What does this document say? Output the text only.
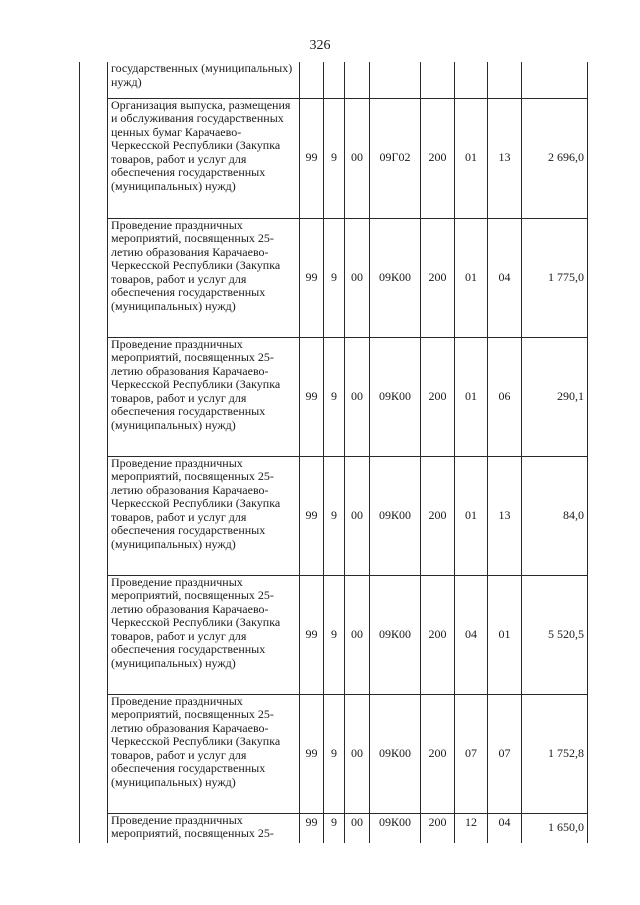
326
	государственных (муниципальных) нужд)								
	Организация выпуска, размещения и обслуживания государственных ценных бумаг Карачаево-Черкесской Республики (Закупка товаров, работ и услуг для обеспечения государственных (муниципальных) нужд)	99	9	00	09Г02	200	01	13	2 696,0
	Проведение праздничных мероприятий, посвященных 25-летию образования Карачаево-Черкесской Республики (Закупка товаров, работ и услуг для обеспечения государственных (муниципальных) нужд)	99	9	00	09К00	200	01	04	1 775,0
	Проведение праздничных мероприятий, посвященных 25-летию образования Карачаево-Черкесской Республики (Закупка товаров, работ и услуг для обеспечения государственных (муниципальных) нужд)	99	9	00	09К00	200	01	06	290,1
	Проведение праздничных мероприятий, посвященных 25-летию образования Карачаево-Черкесской Республики (Закупка товаров, работ и услуг для обеспечения государственных (муниципальных) нужд)	99	9	00	09К00	200	01	13	84,0
	Проведение праздничных мероприятий, посвященных 25-летию образования Карачаево-Черкесской Республики (Закупка товаров, работ и услуг для обеспечения государственных (муниципальных) нужд)	99	9	00	09К00	200	04	01	5 520,5
	Проведение праздничных мероприятий, посвященных 25-летию образования Карачаево-Черкесской Республики (Закупка товаров, работ и услуг для обеспечения государственных (муниципальных) нужд)	99	9	00	09К00	200	07	07	1 752,8
	Проведение праздничных мероприятий, посвященных 25-	99	9	00	09К00	200	12	04	1 650,0
